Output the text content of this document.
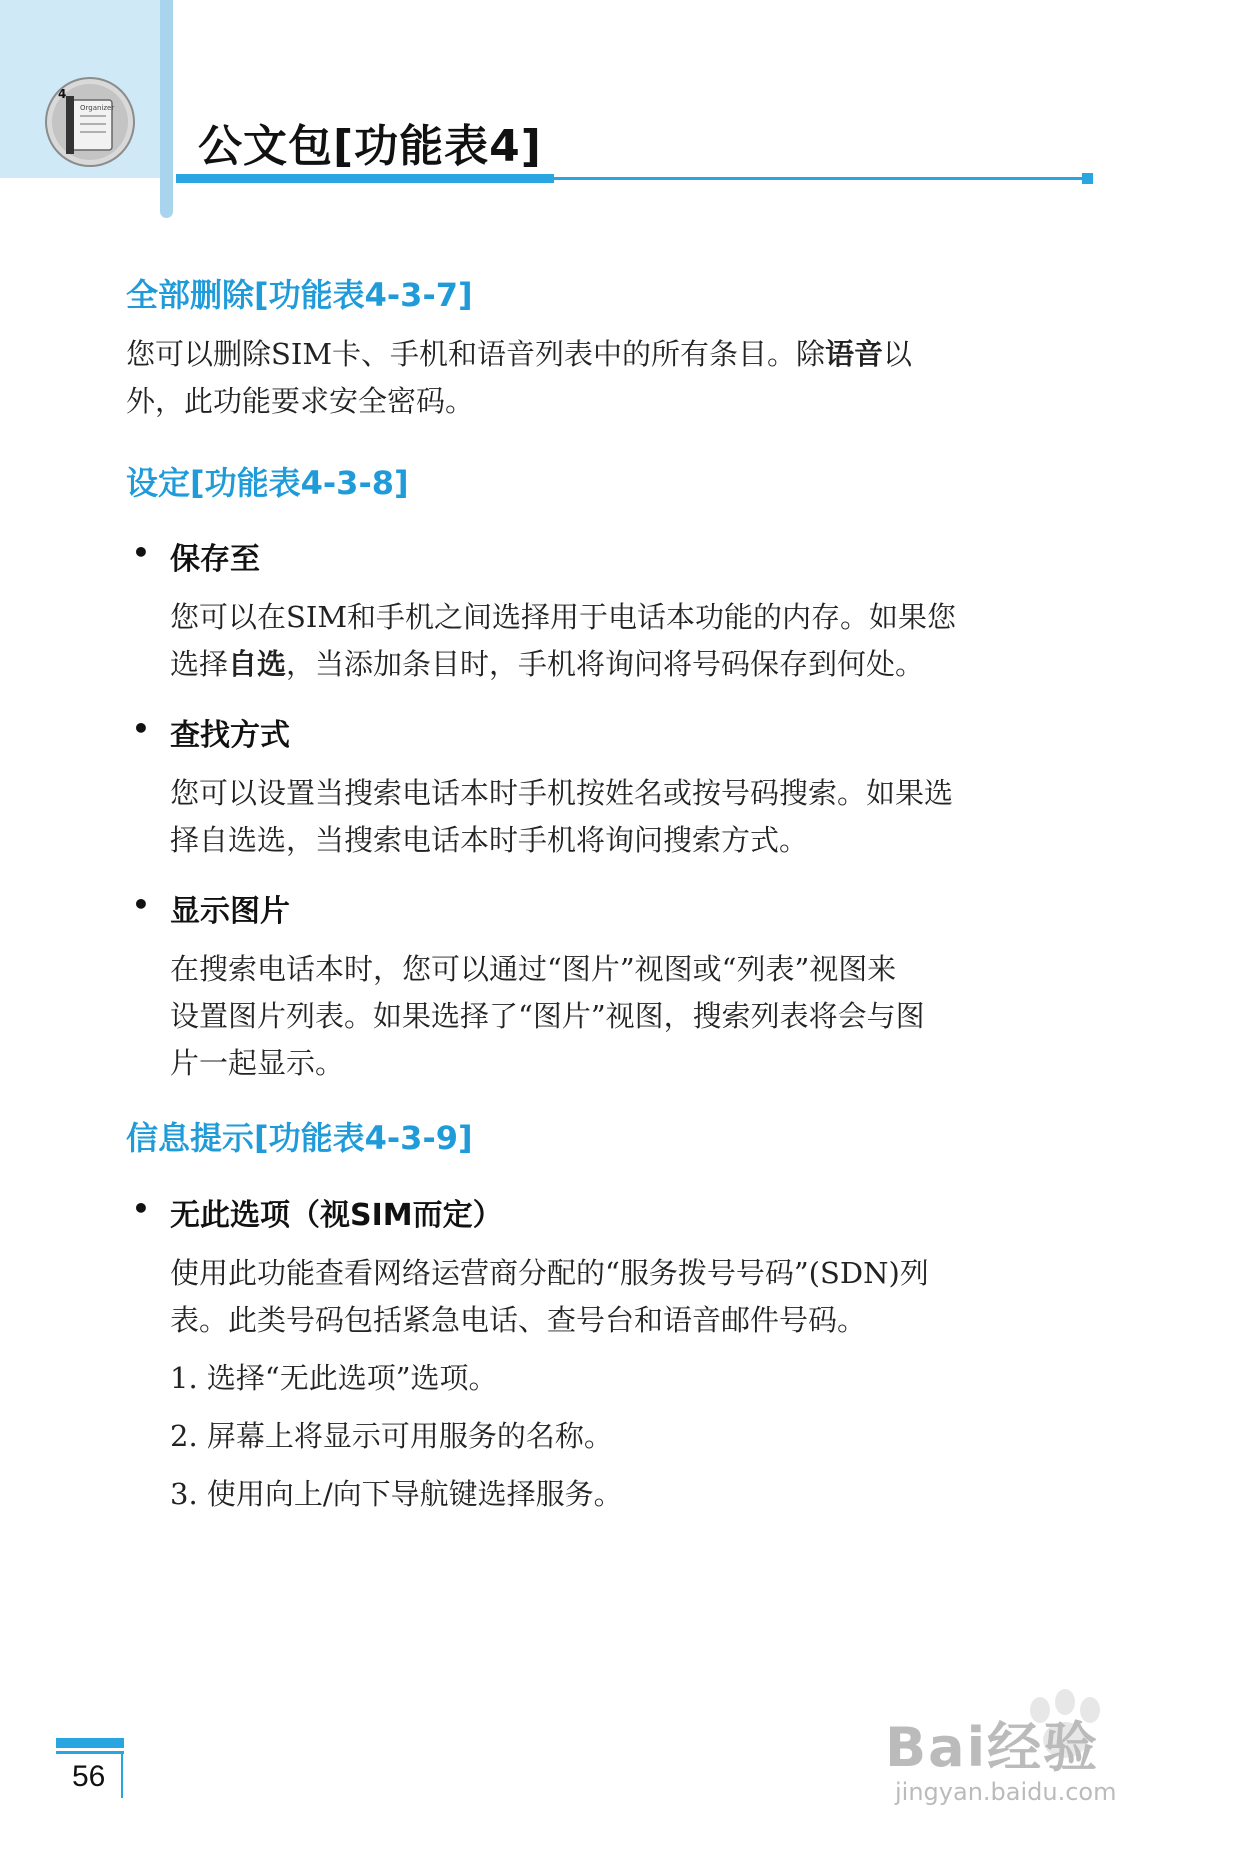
4
Organizer
公文包[功能表4]
全部删除[功能表4-3-7]
您可以删除SIM卡、手机和语音列表中的所有条目。除语音以
外，此功能要求安全密码。
设定[功能表4-3-8]
• 保存至
您可以在SIM和手机之间选择用于电话本功能的内存。如果您
选择自选，当添加条目时，手机将询问将号码保存到何处。
• 查找方式
您可以设置当搜索电话本时手机按姓名或按号码搜索。如果选
择自选选，当搜索电话本时手机将询问搜索方式。
• 显示图片
在搜索电话本时，您可以通过“图片”视图或“列表”视图来
设置图片列表。如果选择了“图片”视图，搜索列表将会与图
片一起显示。
信息提示[功能表4-3-9]
• 无此选项（视SIM而定）
使用此功能查看网络运营商分配的“服务拨号号码”(SDN)列
表。此类号码包括紧急电话、查号台和语音邮件号码。
1. 选择“无此选项”选项。
2. 屏幕上将显示可用服务的名称。
3. 使用向上/向下导航键选择服务。
56	Bai经验
jingyan.baidu.com
